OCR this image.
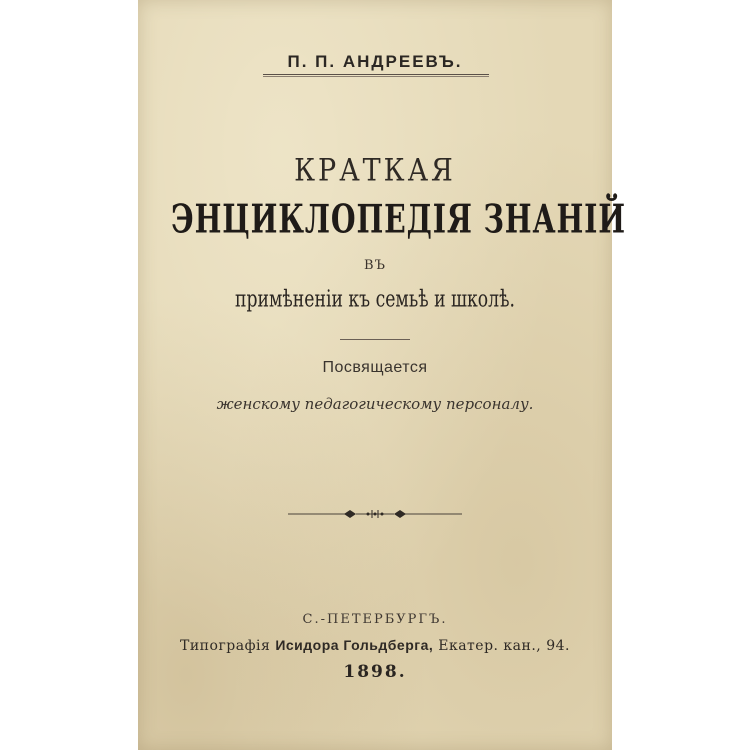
П. П. АНДРЕЕВЪ.
КРАТКАЯ
ЭНЦИКЛОПЕДІЯ ЗНАНІЙ
ВЪ
примѣненіи къ семьѣ и школѣ.
Посвящается
женскому педагогическому персоналу.
С.-ПЕТЕРБУРГЪ.
Типографія Исидора Гольдберга, Екатер. кан., 94.
1898.
